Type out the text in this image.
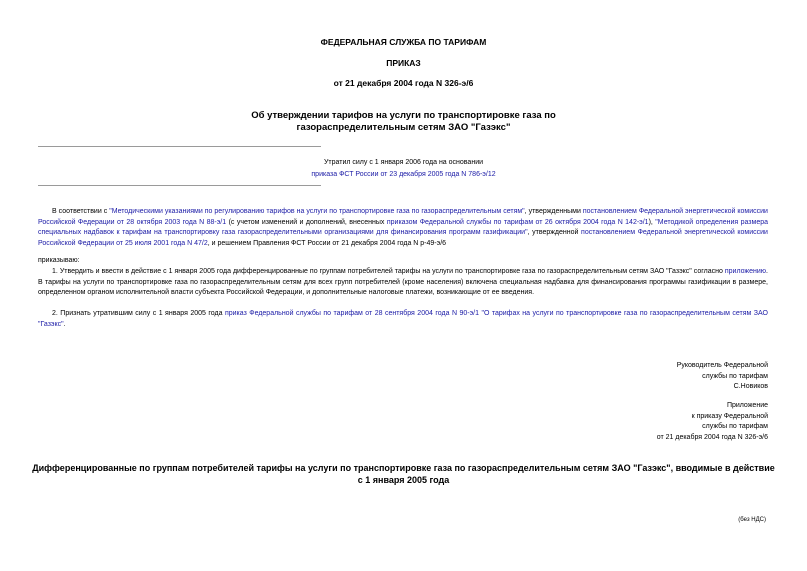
ФЕДЕРАЛЬНАЯ СЛУЖБА ПО ТАРИФАМ
ПРИКАЗ
от 21 декабря 2004 года N 326-э/6
Об утверждении тарифов на услуги по транспортировке газа по
газораспределительным сетям ЗАО "Газэкс"
Утратил силу с 1 января 2006 года на основании
приказа ФСТ России от 23 декабря 2005 года N 786-э/12

В соответствии с "Методическими указаниями по регулированию тарифов на услуги по транспортировке газа по газораспределительным сетям", утвержденными постановлением Федеральной энергетической комиссии Российской Федерации от 28 октября 2003 года N 88-э/1 (с учетом изменений и дополнений, внесенных приказом Федеральной службы по тарифам от 26 октября 2004 года N 142-э/1), "Методикой определения размера специальных надбавок к тарифам на транспортировку газа газораспределительными организациями для финансирования программ газификации", утвержденной постановлением Федеральной энергетической комиссии Российской Федерации от 25 июля 2001 года N 47/2, и решением Правления ФСТ России от 21 декабря 2004 года N р-49-э/6

приказываю:

1. Утвердить и ввести в действие с 1 января 2005 года дифференцированные по группам потребителей тарифы на услуги по транспортировке газа по газораспределительным сетям ЗАО "Газэкс" согласно приложению. В тарифы на услуги по транспортировке газа по газораспределительным сетям для всех групп потребителей (кроме населения) включена специальная надбавка для финансирования программы газификации в размере, определенном органом исполнительной власти субъекта Российской Федерации, и дополнительные налоговые платежи, возникающие от ее введения.

2. Признать утратившим силу с 1 января 2005 года приказ Федеральной службы по тарифам от 28 сентября 2004 года N 90-э/1 "О тарифах на услуги по транспортировке газа по газораспределительным сетям ЗАО "Газэкс".

Руководитель Федеральной
службы по тарифам
С.Новиков
Приложение
к приказу Федеральной
службы по тарифам
от 21 декабря 2004 года N 326-э/6
Дифференцированные по группам потребителей тарифы на услуги по транспортировке газа по газораспределительным сетям ЗАО "Газэкс", вводимые в действие
с 1 января 2005 года
(без НДС)
